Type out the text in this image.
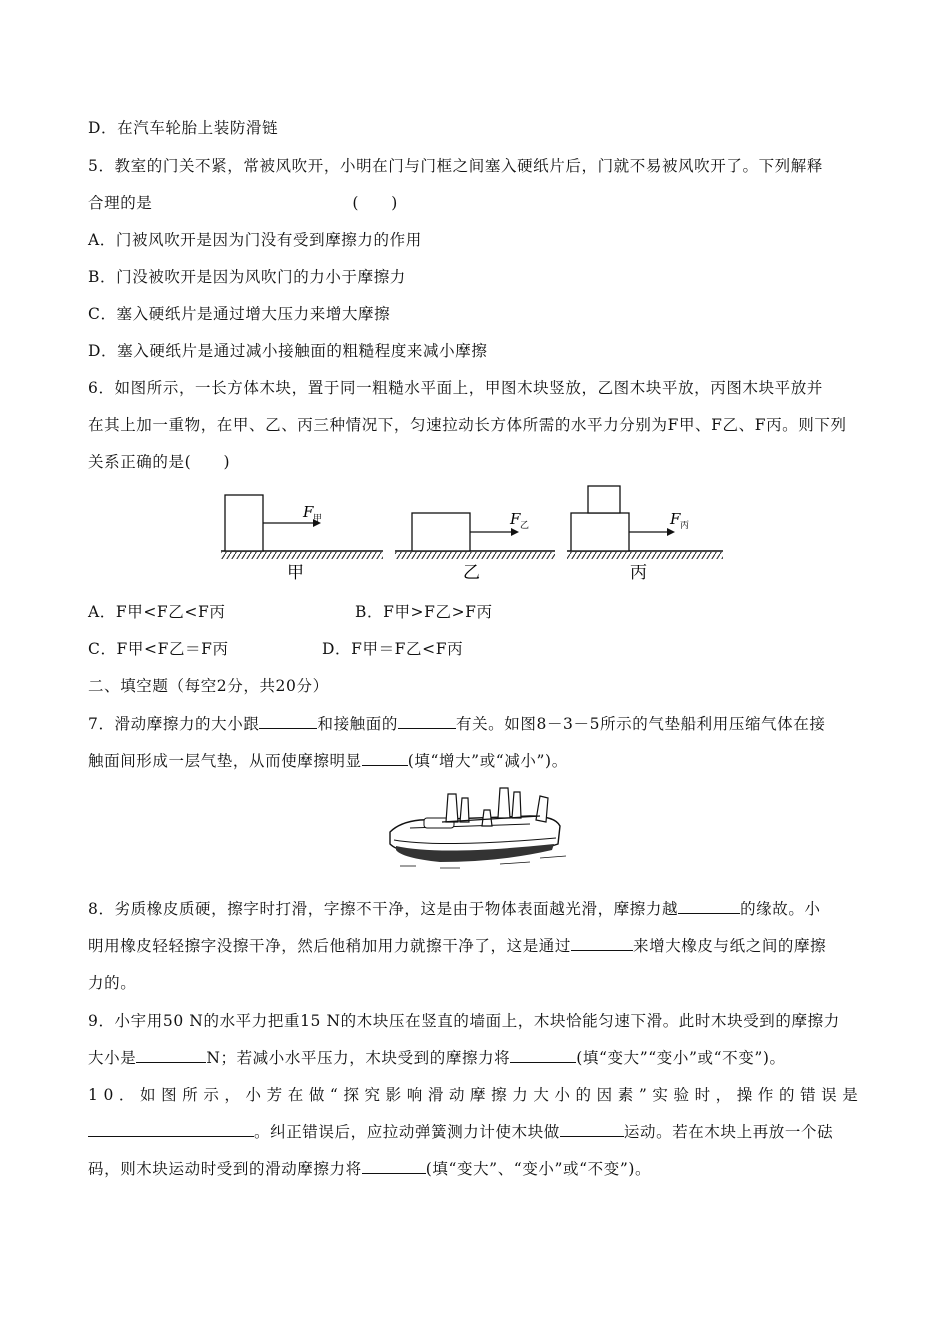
D．在汽车轮胎上装防滑链
5．教室的门关不紧，常被风吹开，小明在门与门框之间塞入硬纸片后，门就不易被风吹开了。下列解释
合理的是	(　　)
A．门被风吹开是因为门没有受到摩擦力的作用
B．门没被吹开是因为风吹门的力小于摩擦力
C．塞入硬纸片是通过增大压力来增大摩擦
D．塞入硬纸片是通过减小接触面的粗糙程度来减小摩擦
6．如图所示，一长方体木块，置于同一粗糙水平面上，甲图木块竖放，乙图木块平放，丙图木块平放并
在其上加一重物，在甲、乙、丙三种情况下，匀速拉动长方体所需的水平力分别为F甲、F乙、F丙。则下列
关系正确的是(　　)
F 甲
甲
F 乙
乙
F 丙
丙
A．F甲<F乙<F丙	B．F甲>F乙>F丙
C．F甲<F乙＝F丙	D．F甲＝F乙<F丙
二、填空题（每空2分，共20分）
7．滑动摩擦力的大小跟	和接触面的	有关。如图8－3－5所示的气垫船利用压缩气体在接
触面间形成一层气垫，从而使摩擦明显	(填“增大”或“减小”)。
8．劣质橡皮质硬，擦字时打滑，字擦不干净，这是由于物体表面越光滑，摩擦力越	的缘故。小
明用橡皮轻轻擦字没擦干净，然后他稍加用力就擦干净了，这是通过	来增大橡皮与纸之间的摩擦
力的。
9．小宇用50 N的水平力把重15 N的木块压在竖直的墙面上，木块恰能匀速下滑。此时木块受到的摩擦力
大小是	N；若减小水平压力，木块受到的摩擦力将	(填“变大”“变小”或“不变”)。
10．如图所示，小芳在做“探究影响滑动摩擦力大小的因素”实验时，操作的错误是
。纠正错误后，应拉动弹簧测力计使木块做	运动。若在木块上再放一个砝
码，则木块运动时受到的滑动摩擦力将	(填“变大”、“变小”或“不变”)。
